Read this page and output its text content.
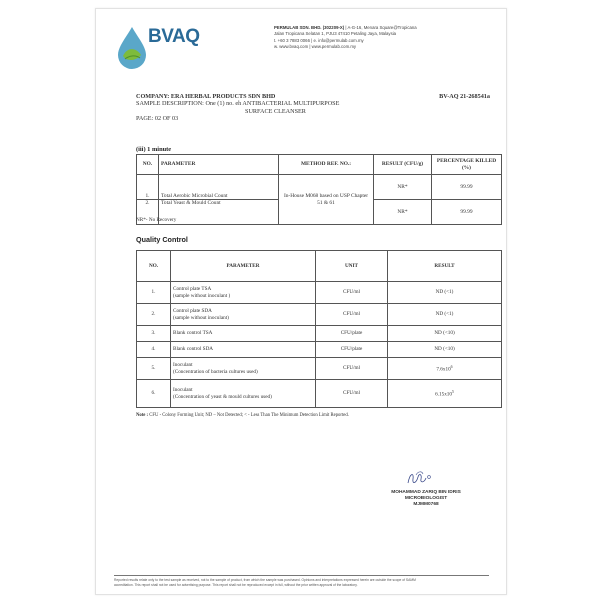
BVAQ	PERMULAB SDN. BHD. (302209-X) | A-G-16, Menara Square@Tropicana
Jalan Tropicana Selatan 1, PJU3 47410 Petaling Jaya, Malaysia
t. +60 3 7883 0066 | e. info@permulab.com.my
w. www.bvaq.com | www.permulab.com.my
COMPANY: ERA HERBAL PRODUCTS SDN BHD	BV-AQ 21-268541a
SAMPLE DESCRIPTION: One (1) no. eh ANTIBACTERIAL MULTIPURPOSE
SURFACE CLEANSER
PAGE: 02 OF 03
(iii) 1 minute
NO.	PARAMETER	METHOD REF. NO.:	RESULT (CFU/g)	PERCENTAGE KILLED (%)
1.	Total Aerobic Microbial Count	In-House M068 based on USP Chapter 51 & 61	NR*	99.99
2.	Total Yeast & Mould Count		NR*	99.99
NR*- No Recovery
Quality Control
NO.	PARAMETER	UNIT	RESULT
1.	Control plate TSA
(sample without inoculant )	CFU/ml	ND (<1)
2.	Control plate SDA
(sample without inoculant)	CFU/ml	ND (<1)
3.	Blank control TSA	CFU/plate	ND (<10)
4.	Blank control SDA	CFU/plate	ND (<10)
5.	Inoculant
(Concentration of bacteria cultures used)	CFU/ml	$7.6x10^6$
6.	Inoculant
(Concentration of yeast & mould cultures used)	CFU/ml	$6.15x10^5$
Note : CFU - Colony Forming Unit; ND – Not Detected; < - Less Than The Minimum Detection Limit Reported.
MOHAMMAD ZARIQ BIN IDRIS
MICROBIOLOGIST
MJMM0768
Reported results relate only to the test sample as received, not to the sample of product, from which the sample was purchased. Opinions and interpretations expressed herein are outside the scope of SAMM
accreditation. This report shall not be used for advertising purpose. This report shall not be reproduced except in full, without the prior written approval of the laboratory.
